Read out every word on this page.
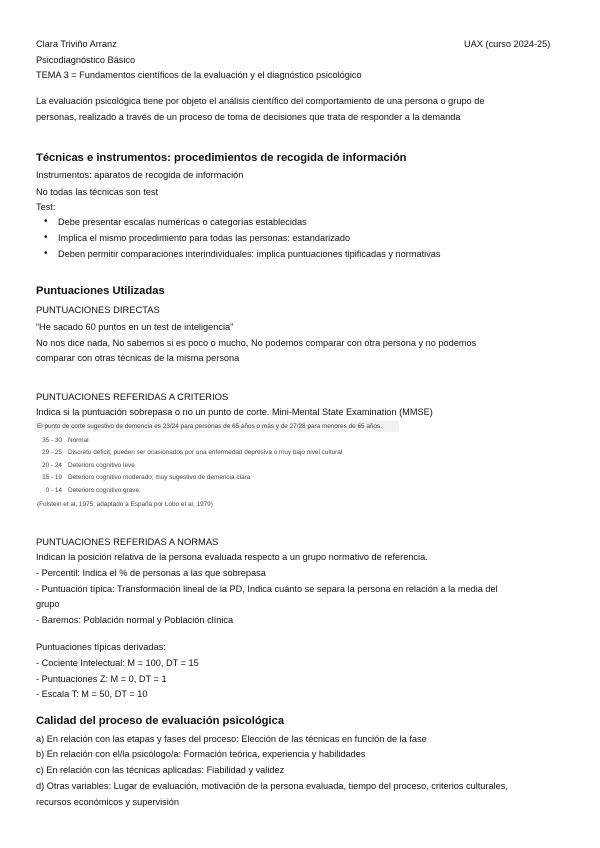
Clara Triviño Arranz	UAX (curso 2024-25)
Psicodiagnóstico Básico
TEMA 3 = Fundamentos científicos de la evaluación y el diagnóstico psicológico
La evaluación psicológica tiene por objeto el análisis científico del comportamiento de una persona o grupo de
personas, realizado a través de un proceso de toma de decisiones que trata de responder a la demanda
Técnicas e instrumentos: procedimientos de recogida de información
Instrumentos: aparatos de recogida de información
No todas las técnicas son test
Test:
• Debe presentar escalas numéricas o categorías establecidas
• Implica el mismo procedimiento para todas las personas: estandarizado
• Deben permitir comparaciones interindividuales: implica puntuaciones tipificadas y normativas
Puntuaciones Utilizadas
PUNTUACIONES DIRECTAS
“He sacado 60 puntos en un test de inteligencia”
No nos dice nada, No sabemos si es poco o mucho, No podemos comparar con otra persona y no podemos
comparar con otras técnicas de la misma persona
PUNTUACIONES REFERIDAS A CRITERIOS
Indica si la puntuación sobrepasa o no un punto de corte. Mini-Mental State Examination (MMSE)
El punto de corte sugestivo de demencia es 23/24 para personas de 65 años o más y de 27/28 para menores de 65 años.
35 - 30 Normal
29 - 25 Discreto déficit; pueden ser ocasionados por una enfermedad depresiva o muy bajo nivel cultural
20 - 24 Deterioro cognitivo leve
15 - 19 Deterioro cognitivo moderado; muy sugestivo de demencia clara
0 - 14 Deterioro cognitivo grave.
(Folstein et al, 1975; adaptado a España por Lobo et al, 1979)
PUNTUACIONES REFERIDAS A NORMAS
Indican la posición relativa de la persona evaluada respecto a un grupo normativo de referencia.
- Percentil: Indica el % de personas a las que sobrepasa
- Puntuación típica: Transformación lineal de la PD, Indica cuánto se separa la persona en relación a la media del
grupo
- Baremos: Población normal y Población clínica
Puntuaciones típicas derivadas:
- Cociente Intelectual: M = 100, DT = 15
- Puntuaciones Z: M = 0, DT = 1
- Escala T: M = 50, DT = 10
Calidad del proceso de evaluación psicológica
a) En relación con las etapas y fases del proceso: Elección de las técnicas en función de la fase
b) En relación con el/la psicólogo/a: Formación teórica, experiencia y habilidades
c) En relación con las técnicas aplicadas: Fiabilidad y validez
d) Otras variables: Lugar de evaluación, motivación de la persona evaluada, tiempo del proceso, criterios culturales,
recursos económicos y supervisión
